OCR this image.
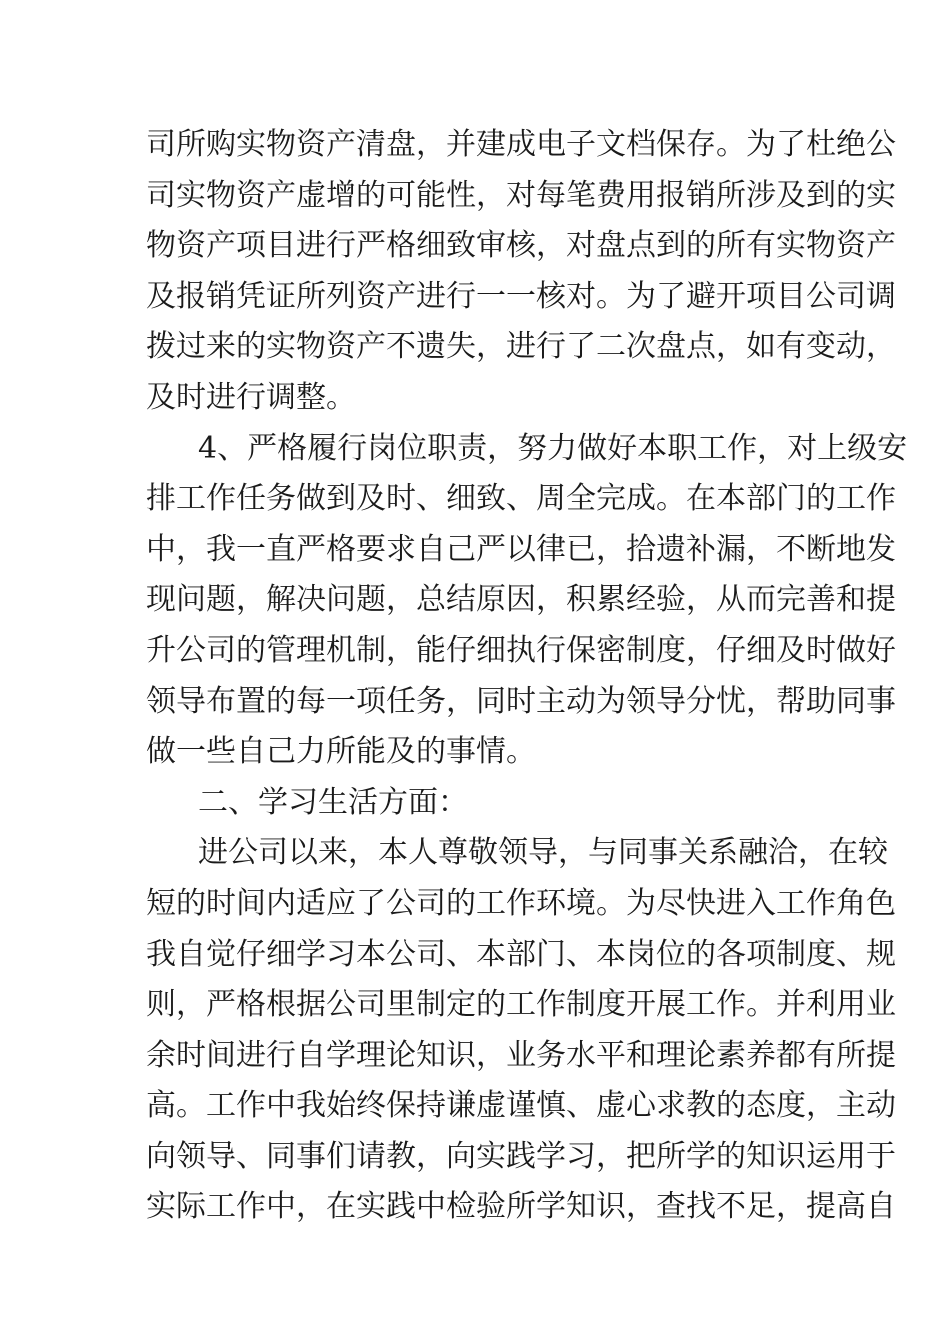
司所购实物资产清盘，并建成电子文档保存。为了杜绝公
司实物资产虚增的可能性，对每笔费用报销所涉及到的实
物资产项目进行严格细致审核，对盘点到的所有实物资产
及报销凭证所列资产进行一一核对。为了避开项目公司调
拨过来的实物资产不遗失，进行了二次盘点，如有变动，
及时进行调整。
4、严格履行岗位职责，努力做好本职工作，对上级安
排工作任务做到及时、细致、周全完成。在本部门的工作
中，我一直严格要求自己严以律已，拾遗补漏，不断地发
现问题，解决问题，总结原因，积累经验，从而完善和提
升公司的管理机制，能仔细执行保密制度，仔细及时做好
领导布置的每一项任务，同时主动为领导分忧，帮助同事
做一些自己力所能及的事情。
二、学习生活方面：
进公司以来，本人尊敬领导，与同事关系融洽，在较
短的时间内适应了公司的工作环境。为尽快进入工作角色
我自觉仔细学习本公司、本部门、本岗位的各项制度、规
则，严格根据公司里制定的工作制度开展工作。并利用业
余时间进行自学理论知识，业务水平和理论素养都有所提
高。工作中我始终保持谦虚谨慎、虚心求教的态度，主动
向领导、同事们请教，向实践学习，把所学的知识运用于
实际工作中，在实践中检验所学知识，查找不足，提高自
